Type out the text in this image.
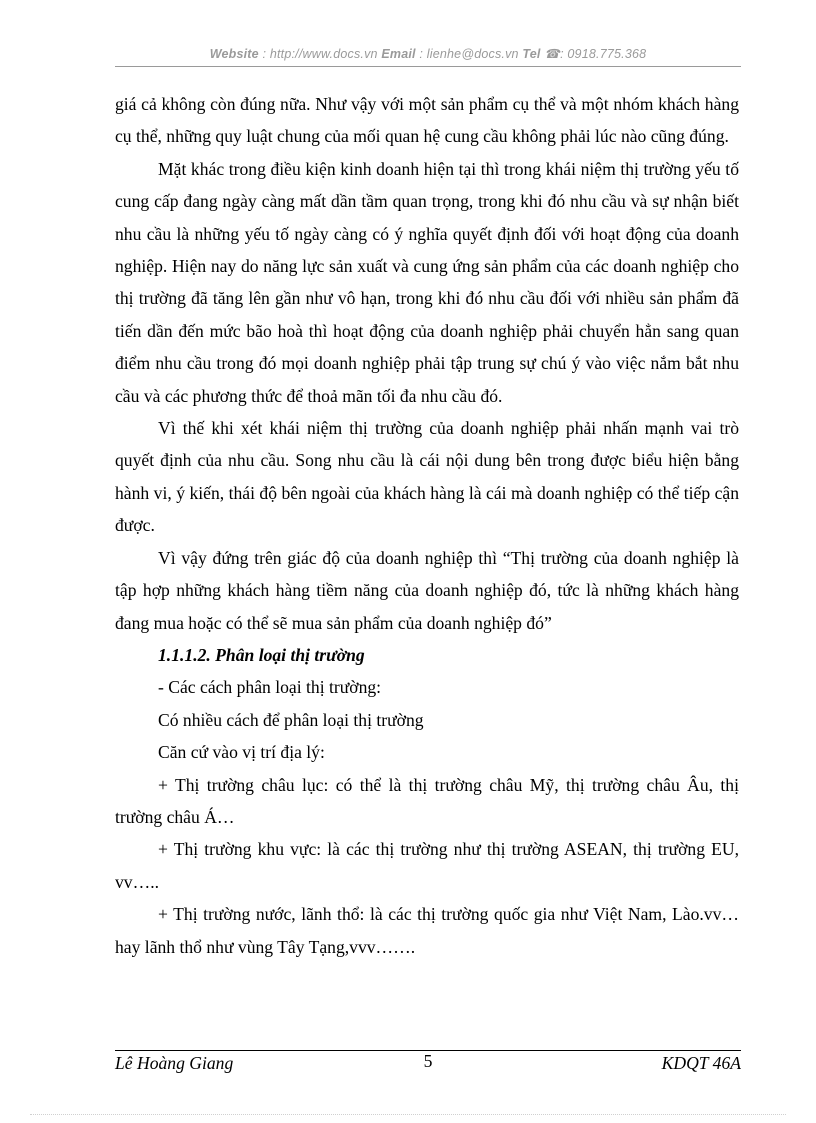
Website : http://www.docs.vn Email : lienhe@docs.vn Tel ☎: 0918.775.368

giá cả không còn đúng nữa. Như vậy với một sản phẩm cụ thể và một nhóm khách hàng cụ thể, những quy luật chung của mối quan hệ cung cầu không phải lúc nào cũng đúng.

Mặt khác trong điều kiện kinh doanh hiện tại thì trong khái niệm thị trường yếu tố cung cấp đang ngày càng mất dần tầm quan trọng, trong khi đó nhu cầu và sự nhận biết nhu cầu là những yếu tố ngày càng có ý nghĩa quyết định đối với hoạt động của doanh nghiệp. Hiện nay do năng lực sản xuất và cung ứng sản phẩm của các doanh nghiệp cho thị trường đã tăng lên gần như vô hạn, trong khi đó nhu cầu đối với nhiều sản phẩm đã tiến dần đến mức bão hoà thì hoạt động của doanh nghiệp phải chuyển hẳn sang quan điểm nhu cầu trong đó mọi doanh nghiệp phải tập trung sự chú ý vào việc nắm bắt nhu cầu và các phương thức để thoả mãn tối đa nhu cầu đó.

Vì thế khi xét khái niệm thị trường của doanh nghiệp phải nhấn mạnh vai trò quyết định của nhu cầu. Song nhu cầu là cái nội dung bên trong được biểu hiện bằng hành vi, ý kiến, thái độ bên ngoài của khách hàng là cái mà doanh nghiệp có thể tiếp cận được.

Vì vậy đứng trên giác độ của doanh nghiệp thì “Thị trường của doanh nghiệp là tập hợp những khách hàng tiềm năng của doanh nghiệp đó, tức là những khách hàng đang mua hoặc có thể sẽ mua sản phẩm của doanh nghiệp đó”

1.1.1.2. Phân loại thị trường

- Các cách phân loại thị trường:

Có nhiều cách để phân loại thị trường

Căn cứ vào vị trí địa lý:

+ Thị trường châu lục: có thể là thị trường châu Mỹ, thị trường châu Âu, thị trường châu Á…

+ Thị trường khu vực: là các thị trường như thị trường ASEAN, thị trường EU, vv…..

+ Thị trường nước, lãnh thổ: là các thị trường quốc gia như Việt Nam, Lào.vv… hay lãnh thổ như vùng Tây Tạng,vvv…….

Lê Hoàng Giang	5	KDQT 46A
